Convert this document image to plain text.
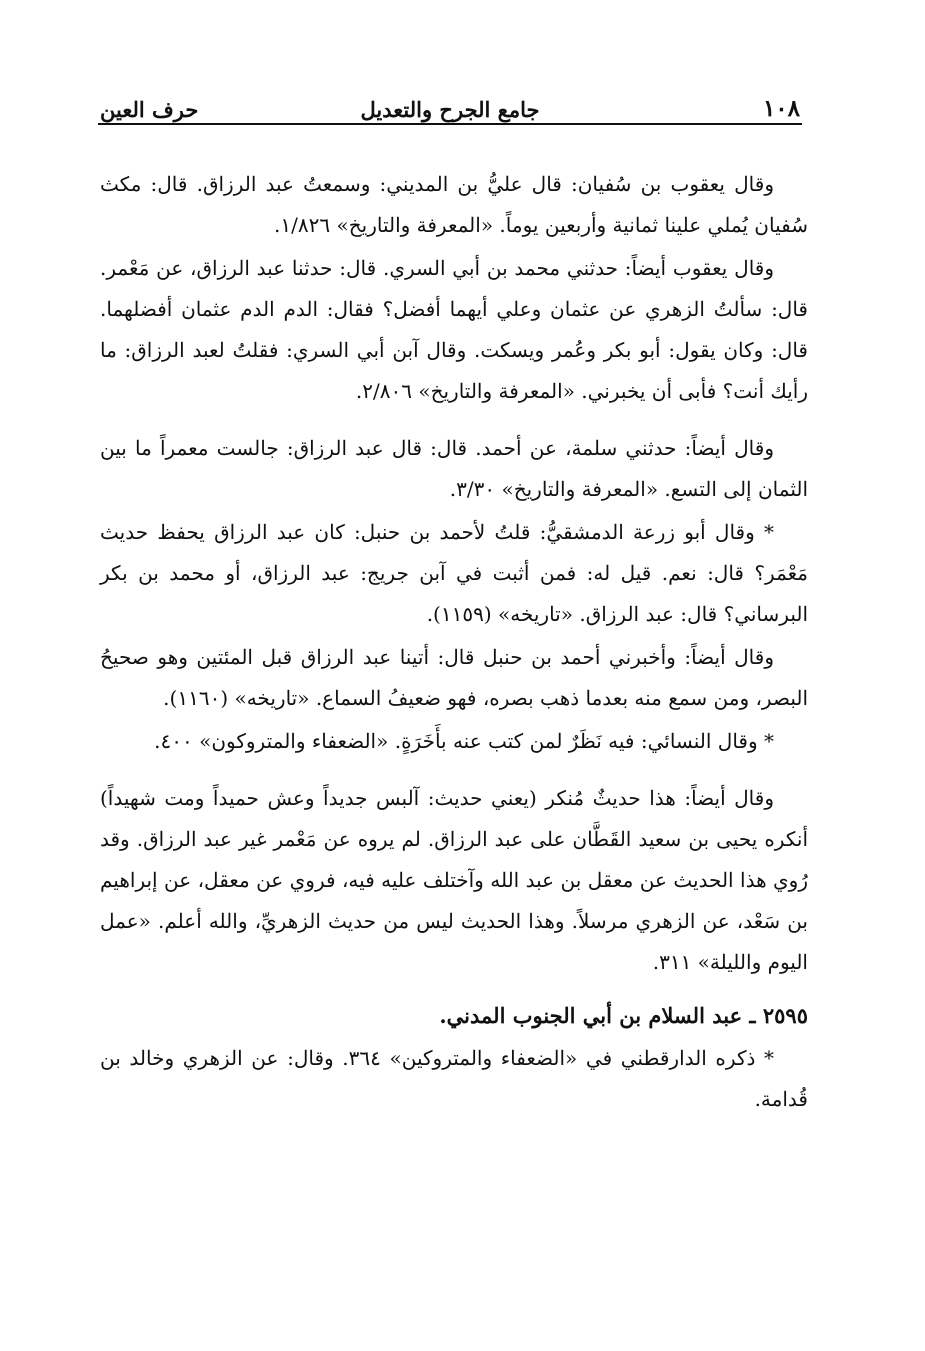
١٠٨
جامع الجرح والتعديل
حرف العين

وقال يعقوب بن سُفيان: قال عليُّ بن المديني: وسمعتُ عبد الرزاق. قال: مكث سُفيان يُملي علينا ثمانية وأربعين يوماً. «المعرفة والتاريخ» ١/٨٢٦.

وقال يعقوب أيضاً: حدثني محمد بن أبي السري. قال: حدثنا عبد الرزاق، عن مَعْمر. قال: سألتُ الزهري عن عثمان وعلي أيهما أفضل؟ فقال: الدم الدم عثمان أفضلهما. قال: وكان يقول: أبو بكر وعُمر ويسكت. وقال آبن أبي السري: فقلتُ لعبد الرزاق: ما رأيك أنت؟ فأبى أن يخبرني. «المعرفة والتاريخ» ٢/٨٠٦.

وقال أيضاً: حدثني سلمة، عن أحمد. قال: قال عبد الرزاق: جالست معمراً ما بين الثمان إلى التسع. «المعرفة والتاريخ» ٣/٣٠.

* وقال أبو زرعة الدمشقيُّ: قلتُ لأحمد بن حنبل: كان عبد الرزاق يحفظ حديث مَعْمَر؟ قال: نعم. قيل له: فمن أثبت في آبن جريج: عبد الرزاق، أو محمد بن بكر البرساني؟ قال: عبد الرزاق. «تاريخه» (١١٥٩).

وقال أيضاً: وأخبرني أحمد بن حنبل قال: أتينا عبد الرزاق قبل المئتين وهو صحيحُ البصر، ومن سمع منه بعدما ذهب بصره، فهو ضعيفُ السماع. «تاريخه» (١١٦٠).

* وقال النسائي: فيه نَظَرٌ لمن كتب عنه بأَخَرَةٍ. «الضعفاء والمتروكون» ٤٠٠.

وقال أيضاً: هذا حديثٌ مُنكر (يعني حديث: آلبس جديداً وعش حميداً ومت شهيداً) أنكره يحيى بن سعيد القَطَّان على عبد الرزاق. لم يروه عن مَعْمر غير عبد الرزاق. وقد رُوي هذا الحديث عن معقل بن عبد الله وآختلف عليه فيه، فروي عن معقل، عن إبراهيم بن سَعْد، عن الزهري مرسلاً. وهذا الحديث ليس من حديث الزهريِّ، والله أعلم. «عمل اليوم والليلة» ٣١١.

٢٥٩٥ ـ عبد السلام بن أبي الجنوب المدني.

* ذكره الدارقطني في «الضعفاء والمتروكين» ٣٦٤. وقال: عن الزهري وخالد بن قُدامة.
